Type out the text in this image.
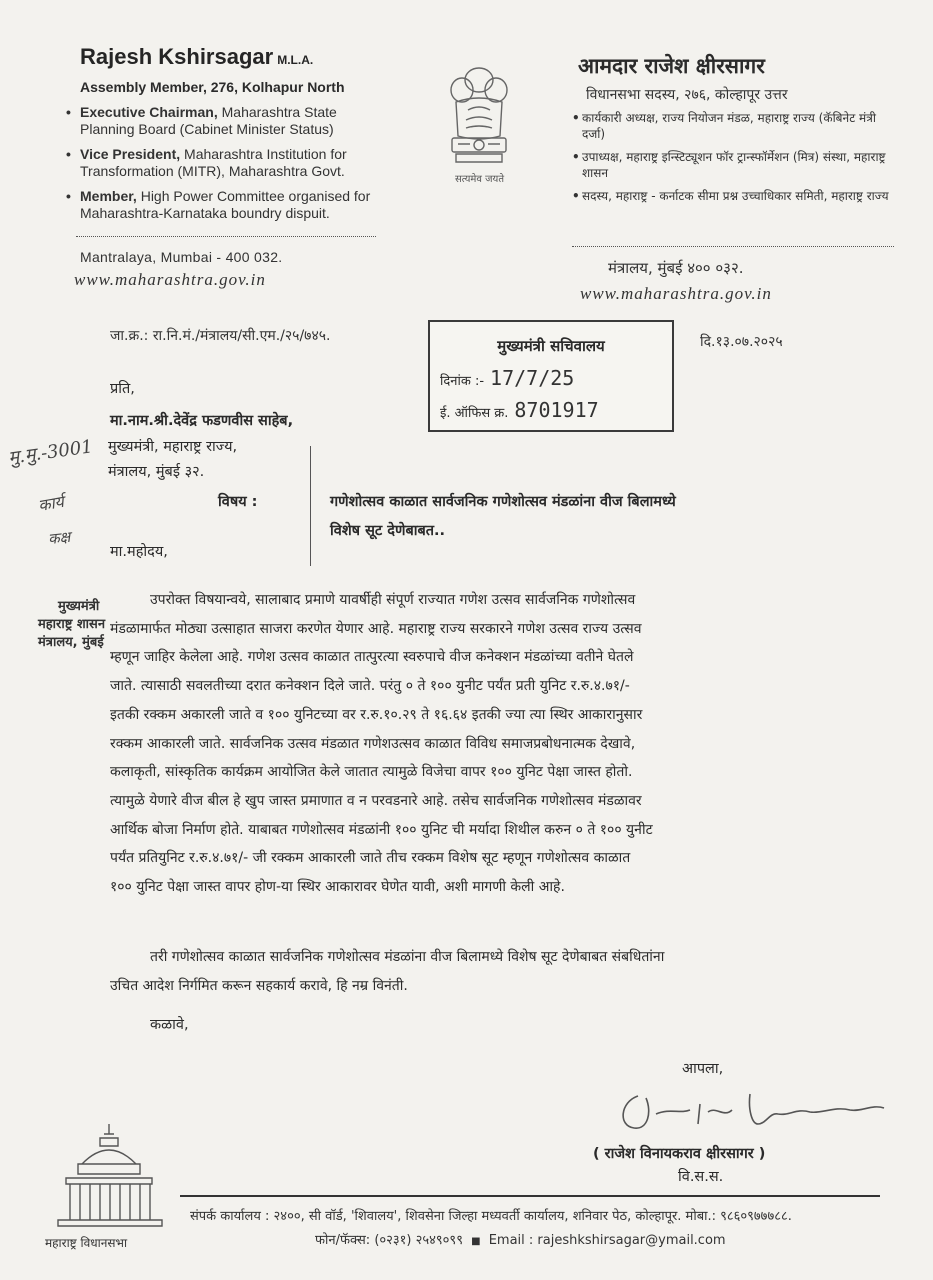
Rajesh Kshirsagar M.L.A.
Assembly Member, 276, Kolhapur North
• Executive Chairman, Maharashtra State Planning Board (Cabinet Minister Status)
• Vice President, Maharashtra Institution for Transformation (MITR), Maharashtra Govt.
• Member, High Power Committee organised for Maharashtra-Karnataka boundry dispuit.
Mantralaya, Mumbai - 400 032.
www.maharashtra.gov.in
सत्यमेव जयते
आमदार राजेश क्षीरसागर
विधानसभा सदस्य, २७६, कोल्हापूर उत्तर
• कार्यकारी अध्यक्ष, राज्य नियोजन मंडळ, महाराष्ट्र राज्य (कॅबिनेट मंत्री दर्जा)
• उपाध्यक्ष, महाराष्ट्र इन्स्टिट्यूशन फॉर ट्रान्स्फॉर्मेशन (मित्र) संस्था, महाराष्ट्र शासन
• सदस्य, महाराष्ट्र - कर्नाटक सीमा प्रश्न उच्चाधिकार समिती, महाराष्ट्र राज्य
मंत्रालय, मुंबई ४०० ०३२.
www.maharashtra.gov.in
जा.क्र.: रा.नि.मं./मंत्रालय/सी.एम./२५/७४५.
मुख्यमंत्री सचिवालय
दिनांक :- 17/7/25
ई. ऑफिस क्र. 8701917
दि.१३.०७.२०२५
प्रति,
मा.नाम.श्री.देवेंद्र फडणवीस साहेब,
मुख्यमंत्री, महाराष्ट्र राज्य,
मंत्रालय, मुंबई ३२.
मु.मु.-3001
कार्य
कक्ष
विषय :	गणेशोत्सव काळात सार्वजनिक गणेशोत्सव मंडळांना वीज बिलामध्ये
विशेष सूट देणेबाबत..
मा.महोदय,
मुख्यमंत्री
महाराष्ट्र शासन
मंत्रालय, मुंबई
उपरोक्त विषयान्वये, सालाबाद प्रमाणे यावर्षीही संपूर्ण राज्यात गणेश उत्सव सार्वजनिक गणेशोत्सव
मंडळामार्फत मोठ्या उत्साहात साजरा करणेत येणार आहे. महाराष्ट्र राज्य सरकारने गणेश उत्सव राज्य उत्सव
म्हणून जाहिर केलेला आहे. गणेश उत्सव काळात तात्पुरत्या स्वरुपाचे वीज कनेक्शन मंडळांच्या वतीने घेतले
जाते. त्यासाठी सवलतीच्या दरात कनेक्शन दिले जाते. परंतु ० ते १०० युनीट पर्यंत प्रती युनिट र.रु.४.७१/-
इतकी रक्कम अकारली जाते व १०० युनिटच्या वर र.रु.१०.२९ ते १६.६४ इतकी ज्या त्या स्थिर आकारानुसार
रक्कम आकारली जाते. सार्वजनिक उत्सव मंडळात गणेशउत्सव काळात विविध समाजप्रबोधनात्मक देखावे,
कलाकृती, सांस्कृतिक कार्यक्रम आयोजित केले जातात त्यामुळे विजेचा वापर १०० युनिट पेक्षा जास्त होतो.
त्यामुळे येणारे वीज बील हे खुप जास्त प्रमाणात व न परवडनारे आहे. तसेच सार्वजनिक गणेशोत्सव मंडळावर
आर्थिक बोजा निर्माण होते. याबाबत गणेशोत्सव मंडळांनी १०० युनिट ची मर्यादा शिथील करुन ० ते १०० युनीट
पर्यंत प्रतियुनिट र.रु.४.७१/- जी रक्कम आकारली जाते तीच रक्कम विशेष सूट म्हणून गणेशोत्सव काळात
१०० युनिट पेक्षा जास्त वापर होण-या स्थिर आकारावर घेणेत यावी, अशी मागणी केली आहे.
तरी गणेशोत्सव काळात सार्वजनिक गणेशोत्सव मंडळांना वीज बिलामध्ये विशेष सूट देणेबाबत संबधितांना
उचित आदेश निर्गमित करून सहकार्य करावे, हि नम्र विनंती.
कळावे,
आपला,
( राजेश विनायकराव क्षीरसागर )
वि.स.स.
महाराष्ट्र विधानसभा
संपर्क कार्यालय : २४००, सी वॉर्ड, 'शिवालय', शिवसेना जिल्हा मध्यवर्ती कार्यालय, शनिवार पेठ, कोल्हापूर. मोबा.: ९८६०९७७७८८.
फोन/फॅक्स: (०२३१) २५४९०९९ ■ Email : rajeshkshirsagar@ymail.com
